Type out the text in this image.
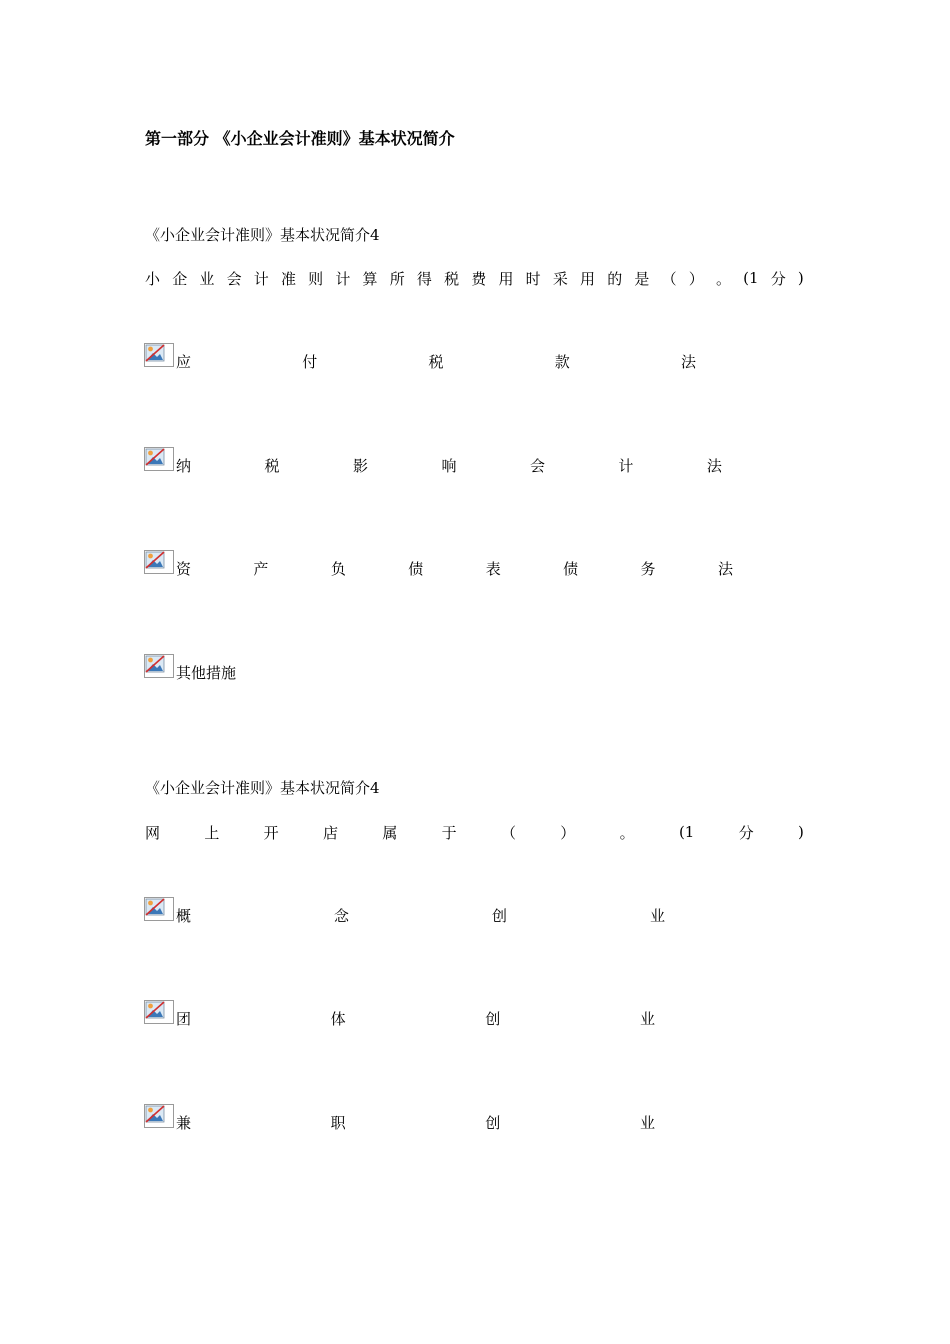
第一部分 《小企业会计准则》基本状况简介
《小企业会计准则》基本状况简介4
小 企 业 会 计 准 则 计 算 所 得 税 费 用 时 采 用 的 是 （ ） 。 (1 分 )
应	付	税	款	法
纳	税	影	响	会	计	法
资	产	负	债	表	债	务	法
其他措施
《小企业会计准则》基本状况简介4
网	上	开	店	属	于	（	）	。	(1	分	)
概	念	创	业
团	体	创	业
兼	职	创	业
